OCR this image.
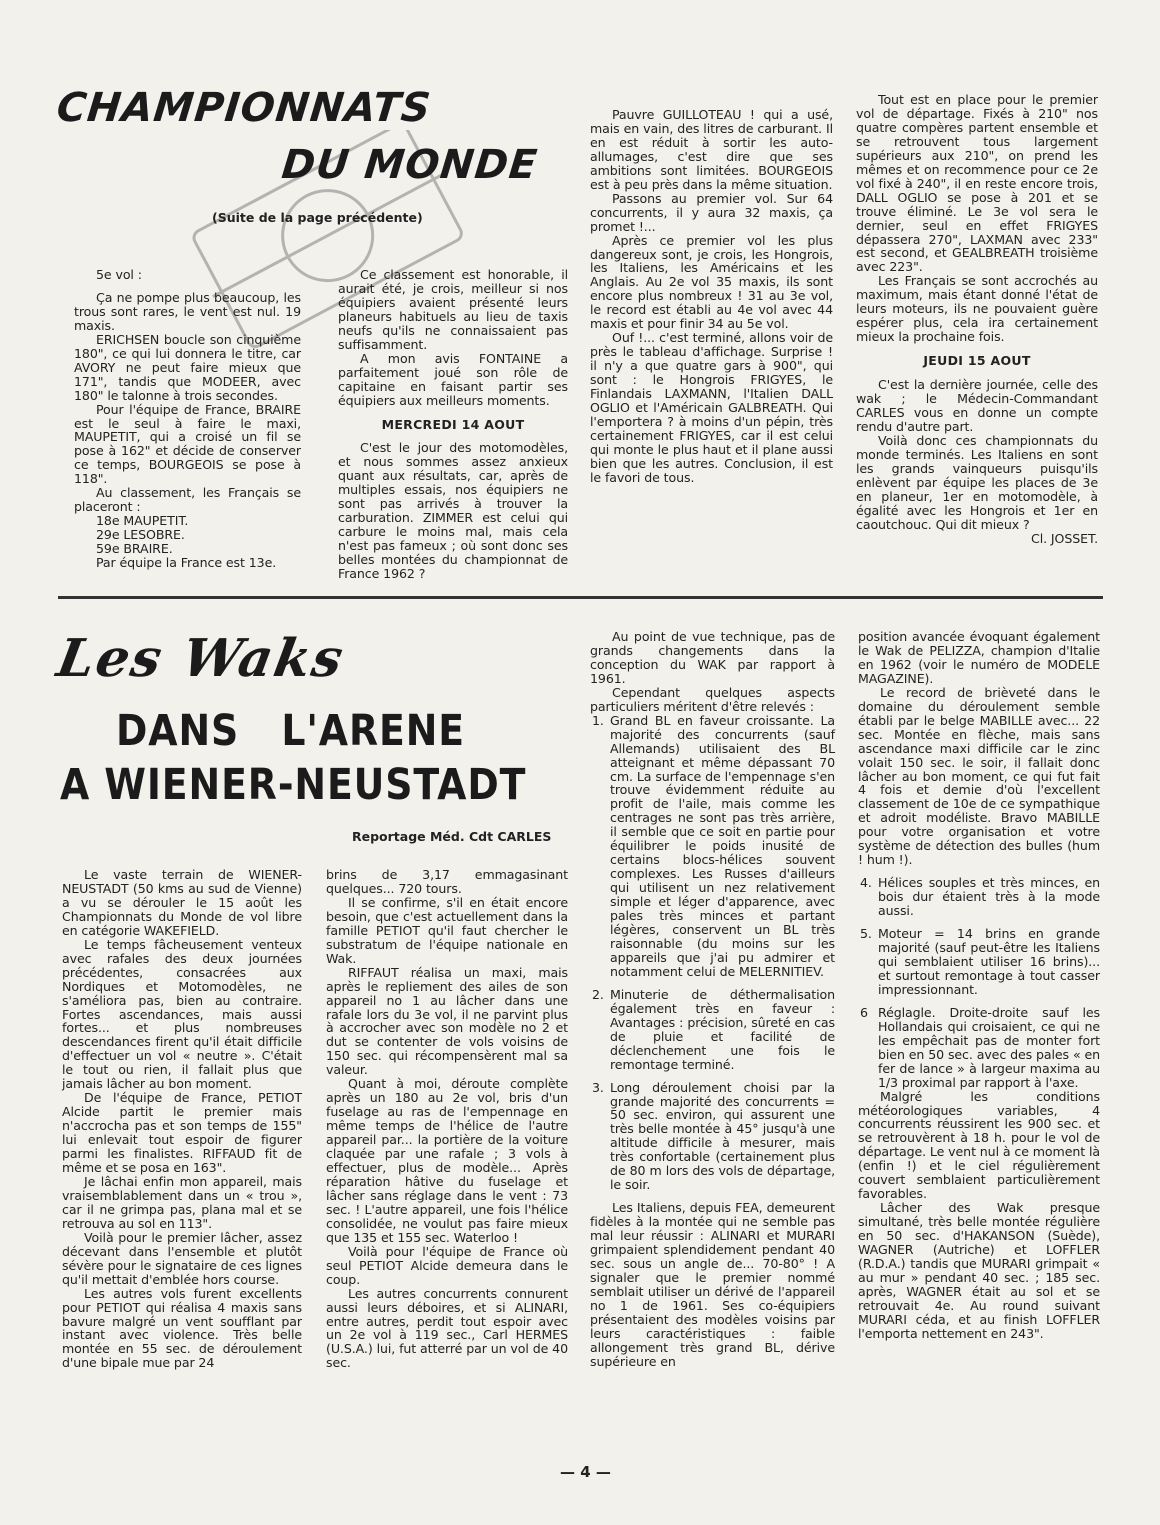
CHAMPIONNATS
DU MONDE

(Suite de la page précédente)

5e vol :

Ça ne pompe plus beaucoup, les trous sont rares, le vent est nul. 19 maxis.

ERICHSEN boucle son cinquième 180", ce qui lui donnera le titre, car AVORY ne peut faire mieux que 171", tandis que MODEER, avec 180" le talonne à trois secondes.

Pour l'équipe de France, BRAIRE est le seul à faire le maxi, MAUPETIT, qui a croisé un fil se pose à 162" et décide de conserver ce temps, BOURGEOIS se pose à 118".

Au classement, les Français se placeront :

18e MAUPETIT.

29e LESOBRE.

59e BRAIRE.

Par équipe la France est 13e.

Ce classement est honorable, il aurait été, je crois, meilleur si nos équipiers avaient présenté leurs planeurs habituels au lieu de taxis neufs qu'ils ne connaissaient pas suffisamment.

A mon avis FONTAINE a parfaitement joué son rôle de capitaine en faisant partir ses équipiers aux meilleurs moments.

MERCREDI 14 AOUT

C'est le jour des motomodèles, et nous sommes assez anxieux quant aux résultats, car, après de multiples essais, nos équipiers ne sont pas arrivés à trouver la carburation. ZIMMER est celui qui carbure le moins mal, mais cela n'est pas fameux ; où sont donc ses belles montées du championnat de France 1962 ?

Pauvre GUILLOTEAU ! qui a usé, mais en vain, des litres de carburant. Il en est réduit à sortir les auto-allumages, c'est dire que ses ambitions sont limitées. BOURGEOIS est à peu près dans la même situation.

Passons au premier vol. Sur 64 concurrents, il y aura 32 maxis, ça promet !...

Après ce premier vol les plus dangereux sont, je crois, les Hongrois, les Italiens, les Américains et les Anglais. Au 2e vol 35 maxis, ils sont encore plus nombreux ! 31 au 3e vol, le record est établi au 4e vol avec 44 maxis et pour finir 34 au 5e vol.

Ouf !... c'est terminé, allons voir de près le tableau d'affichage. Surprise ! il n'y a que quatre gars à 900", qui sont : le Hongrois FRIGYES, le Finlandais LAXMANN, l'Italien DALL OGLIO et l'Américain GALBREATH. Qui l'emportera ? à moins d'un pépin, très certainement FRIGYES, car il est celui qui monte le plus haut et il plane aussi bien que les autres. Conclusion, il est le favori de tous.

Tout est en place pour le premier vol de départage. Fixés à 210" nos quatre compères partent ensemble et se retrouvent tous largement supérieurs aux 210", on prend les mêmes et on recommence pour ce 2e vol fixé à 240", il en reste encore trois, DALL OGLIO se pose à 201 et se trouve éliminé. Le 3e vol sera le dernier, seul en effet FRIGYES dépassera 270", LAXMAN avec 233" est second, et GEALBREATH troisième avec 223".

Les Français se sont accrochés au maximum, mais étant donné l'état de leurs moteurs, ils ne pouvaient guère espérer plus, cela ira certainement mieux la prochaine fois.

JEUDI 15 AOUT

C'est la dernière journée, celle des wak ; le Médecin-Commandant CARLES vous en donne un compte rendu d'autre part.

Voilà donc ces championnats du monde terminés. Les Italiens en sont les grands vainqueurs puisqu'ils enlèvent par équipe les places de 3e en planeur, 1er en motomodèle, à égalité avec les Hongrois et 1er en caoutchouc. Qui dit mieux ?

Cl. JOSSET.

Les Waks
DANS L'ARENE
A WIENER-NEUSTADT

Reportage Méd. Cdt CARLES

Le vaste terrain de WIENER-NEUSTADT (50 kms au sud de Vienne) a vu se dérouler le 15 août les Championnats du Monde de vol libre en catégorie WAKEFIELD.

Le temps fâcheusement venteux avec rafales des deux journées précédentes, consacrées aux Nordiques et Motomodèles, ne s'améliora pas, bien au contraire. Fortes ascendances, mais aussi fortes... et plus nombreuses descendances firent qu'il était difficile d'effectuer un vol « neutre ». C'était le tout ou rien, il fallait plus que jamais lâcher au bon moment.

De l'équipe de France, PETIOT Alcide partit le premier mais n'accrocha pas et son temps de 155" lui enlevait tout espoir de figurer parmi les finalistes. RIFFAUD fit de même et se posa en 163".

Je lâchai enfin mon appareil, mais vraisemblablement dans un « trou », car il ne grimpa pas, plana mal et se retrouva au sol en 113".

Voilà pour le premier lâcher, assez décevant dans l'ensemble et plutôt sévère pour le signataire de ces lignes qu'il mettait d'emblée hors course.

Les autres vols furent excellents pour PETIOT qui réalisa 4 maxis sans bavure malgré un vent soufflant par instant avec violence. Très belle montée en 55 sec. de déroulement d'une bipale mue par 24

brins de 3,17 emmagasinant quelques... 720 tours.

Il se confirme, s'il en était encore besoin, que c'est actuellement dans la famille PETIOT qu'il faut chercher le substratum de l'équipe nationale en Wak.

RIFFAUT réalisa un maxi, mais après le repliement des ailes de son appareil no 1 au lâcher dans une rafale lors du 3e vol, il ne parvint plus à accrocher avec son modèle no 2 et dut se contenter de vols voisins de 150 sec. qui récompensèrent mal sa valeur.

Quant à moi, déroute complète après un 180 au 2e vol, bris d'un fuselage au ras de l'empennage en même temps de l'hélice de l'autre appareil par... la portière de la voiture claquée par une rafale ; 3 vols à effectuer, plus de modèle... Après réparation hâtive du fuselage et lâcher sans réglage dans le vent : 73 sec. ! L'autre appareil, une fois l'hélice consolidée, ne voulut pas faire mieux que 135 et 155 sec. Waterloo !

Voilà pour l'équipe de France où seul PETIOT Alcide demeura dans le coup.

Les autres concurrents connurent aussi leurs déboires, et si ALINARI, entre autres, perdit tout espoir avec un 2e vol à 119 sec., Carl HERMES (U.S.A.) lui, fut atterré par un vol de 40 sec.

Au point de vue technique, pas de grands changements dans la conception du WAK par rapport à 1961.

Cependant quelques aspects particuliers méritent d'être relevés :

1. Grand BL en faveur croissante. La majorité des concurrents (sauf Allemands) utilisaient des BL atteignant et même dépassant 70 cm. La surface de l'empennage s'en trouve évidemment réduite au profit de l'aile, mais comme les centrages ne sont pas très arrière, il semble que ce soit en partie pour équilibrer le poids inusité de certains blocs-hélices souvent complexes. Les Russes d'ailleurs qui utilisent un nez relativement simple et léger d'apparence, avec pales très minces et partant légères, conservent un BL très raisonnable (du moins sur les appareils que j'ai pu admirer et notamment celui de MELERNITIEV.
2. Minuterie de déthermalisation également très en faveur : Avantages : précision, sûreté en cas de pluie et facilité de déclenchement une fois le remontage terminé.
3. Long déroulement choisi par la grande majorité des concurrents = 50 sec. environ, qui assurent une très belle montée à 45° jusqu'à une altitude difficile à mesurer, mais très confortable (certainement plus de 80 m lors des vols de départage, le soir.

Les Italiens, depuis FEA, demeurent fidèles à la montée qui ne semble pas mal leur réussir : ALINARI et MURARI grimpaient splendidement pendant 40 sec. sous un angle de... 70-80° ! A signaler que le premier nommé semblait utiliser un dérivé de l'appareil no 1 de 1961. Ses co-équipiers présentaient des modèles voisins par leurs caractéristiques : faible allongement très grand BL, dérive supérieure en

position avancée évoquant également le Wak de PELIZZA, champion d'Italie en 1962 (voir le numéro de MODELE MAGAZINE).

Le record de brièveté dans le domaine du déroulement semble établi par le belge MABILLE avec... 22 sec. Montée en flèche, mais sans ascendance maxi difficile car le zinc volait 150 sec. le soir, il fallait donc lâcher au bon moment, ce qui fut fait 4 fois et demie d'où l'excellent classement de 10e de ce sympathique et adroit modéliste. Bravo MABILLE pour votre organisation et votre système de détection des bulles (hum ! hum !).

4. Hélices souples et très minces, en bois dur étaient très à la mode aussi.
5. Moteur = 14 brins en grande majorité (sauf peut-être les Italiens qui semblaient utiliser 16 brins)... et surtout remontage à tout casser impressionnant.
6 Réglagle. Droite-droite sauf les Hollandais qui croisaient, ce qui ne les empêchait pas de monter fort bien en 50 sec. avec des pales « en fer de lance » à largeur maxima au 1/3 proximal par rapport à l'axe.

Malgré les conditions météorologiques variables, 4 concurrents réussirent les 900 sec. et se retrouvèrent à 18 h. pour le vol de départage. Le vent nul à ce moment là (enfin !) et le ciel régulièrement couvert semblaient particulièrement favorables.

Lâcher des Wak presque simultané, très belle montée régulière en 50 sec. d'HAKANSON (Suède), WAGNER (Autriche) et LOFFLER (R.D.A.) tandis que MURARI grimpait « au mur » pendant 40 sec. ; 185 sec. après, WAGNER était au sol et se retrouvait 4e. Au round suivant MURARI céda, et au finish LOFFLER l'emporta nettement en 243".

— 4 —
